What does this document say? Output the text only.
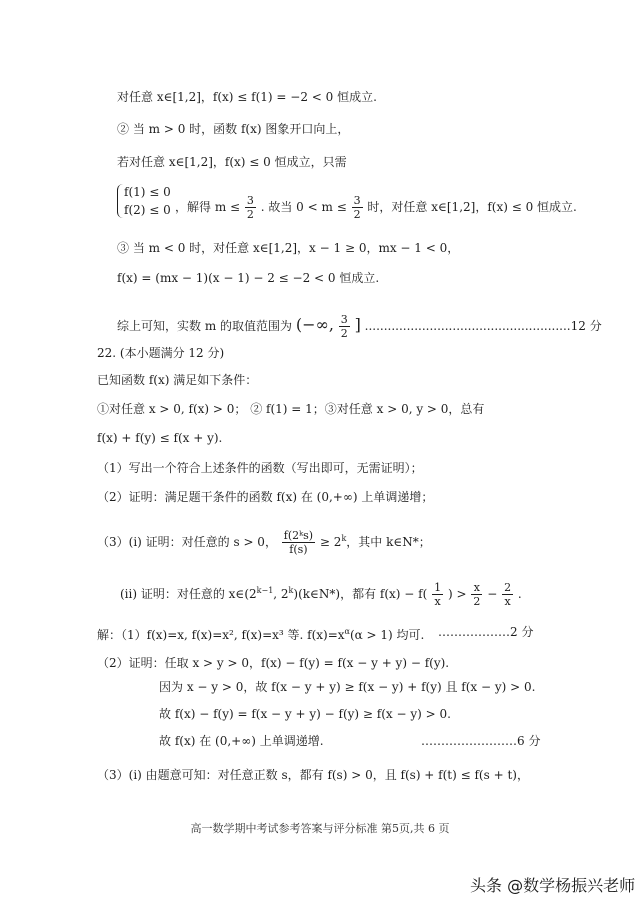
对任意 x∈[1,2]，f(x) ≤ f(1) = −2 < 0 恒成立.
② 当 m > 0 时，函数 f(x) 图象开口向上，
若对任意 x∈[1,2]，f(x) ≤ 0 恒成立，只需
f(1) ≤ 0
f(2) ≤ 0 ，解得 $m \le \frac{3}{2}$ . 故当 $0 < m \le \frac{3}{2}$ 时，对任意 x∈[1,2]，f(x) ≤ 0 恒成立.
③ 当 m < 0 时，对任意 x∈[1,2]，x − 1 ≥ 0，mx − 1 < 0，
f(x) = (mx − 1)(x − 1) − 2 ≤ −2 < 0 恒成立.
综上可知，实数 m 的取值范围为 (−∞, $\frac{3}{2}$ ] ......................................................12 分
22. (本小题满分 12 分)
已知函数 f(x) 满足如下条件：
①对任意 x > 0, f(x) > 0； ② f(1) = 1；③对任意 x > 0, y > 0，总有
f(x) + f(y) ≤ f(x + y).
（1）写出一个符合上述条件的函数（写出即可，无需证明）；
（2）证明：满足题干条件的函数 f(x) 在 (0,+∞) 上单调递增；
（3）(i) 证明：对任意的 s > 0， $\frac{\text{f(2ᵏs)}}{f(s)} \ge 2^k$，其中 k∈N*；
(ii) 证明：对任意的 $x\in(2^{k-1}$, 2$^k$)(k∈N*)，都有 $f(x) - f( \frac{1}{x}$ ) > $\frac{x}{2} - \frac{2}{x}$ .
解：（1）f(x)=x, f(x)=x², f(x)=x³ 等. $f(x)=x^\alpha(\alpha > 1)$ 均可. ………………2 分
（2）证明：任取 x > y > 0，f(x) − f(y) = f(x − y + y) − f(y).
因为 x − y > 0，故 f(x − y + y) ≥ f(x − y) + f(y) 且 f(x − y) > 0.
故 f(x) − f(y) = f(x − y + y) − f(y) ≥ f(x − y) > 0.
故 f(x) 在 (0,+∞) 上单调递增.	……………………6 分
（3）(i) 由题意可知：对任意正数 s，都有 f(s) > 0，且 f(s) + f(t) ≤ f(s + t)，
高一数学期中考试参考答案与评分标准 第5页,共 6 页
头条 @数学杨振兴老师
